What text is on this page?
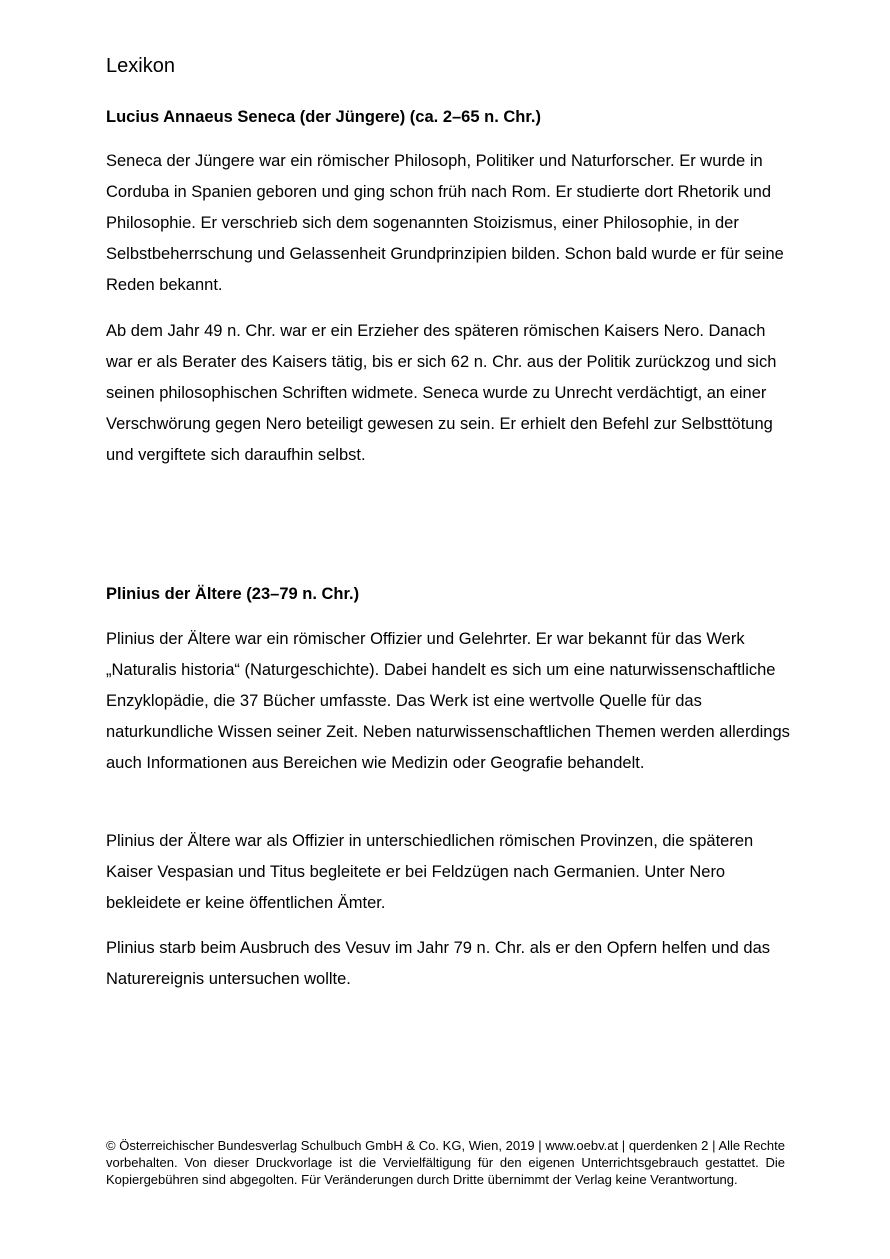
Lexikon
Lucius Annaeus Seneca (der Jüngere) (ca. 2–65 n. Chr.)

Seneca der Jüngere war ein römischer Philosoph, Politiker und Naturforscher. Er wurde in Corduba in Spanien geboren und ging schon früh nach Rom. Er studierte dort Rhetorik und Philosophie. Er verschrieb sich dem sogenannten Stoizismus, einer Philosophie, in der Selbstbeherrschung und Gelassenheit Grundprinzipien bilden. Schon bald wurde er für seine Reden bekannt.

Ab dem Jahr 49 n. Chr. war er ein Erzieher des späteren römischen Kaisers Nero. Danach war er als Berater des Kaisers tätig, bis er sich 62 n. Chr. aus der Politik zurückzog und sich seinen philosophischen Schriften widmete. Seneca wurde zu Unrecht verdächtigt, an einer Verschwörung gegen Nero beteiligt gewesen zu sein. Er erhielt den Befehl zur Selbsttötung und vergiftete sich daraufhin selbst.

Plinius der Ältere (23–79 n. Chr.)

Plinius der Ältere war ein römischer Offizier und Gelehrter. Er war bekannt für das Werk „Naturalis historia“ (Naturgeschichte). Dabei handelt es sich um eine naturwissenschaftliche Enzyklopädie, die 37 Bücher umfasste. Das Werk ist eine wertvolle Quelle für das naturkundliche Wissen seiner Zeit. Neben naturwissenschaftlichen Themen werden allerdings auch Informationen aus Bereichen wie Medizin oder Geografie behandelt.

Plinius der Ältere war als Offizier in unterschiedlichen römischen Provinzen, die späteren Kaiser Vespasian und Titus begleitete er bei Feldzügen nach Germanien. Unter Nero bekleidete er keine öffentlichen Ämter.

Plinius starb beim Ausbruch des Vesuv im Jahr 79 n. Chr. als er den Opfern helfen und das Naturereignis untersuchen wollte.

© Österreichischer Bundesverlag Schulbuch GmbH & Co. KG, Wien, 2019 | www.oebv.at | querdenken 2 | Alle Rechte vorbehalten. Von dieser Druckvorlage ist die Vervielfältigung für den eigenen Unterrichtsgebrauch gestattet. Die Kopiergebühren sind abgegolten. Für Veränderungen durch Dritte übernimmt der Verlag keine Verantwortung.
